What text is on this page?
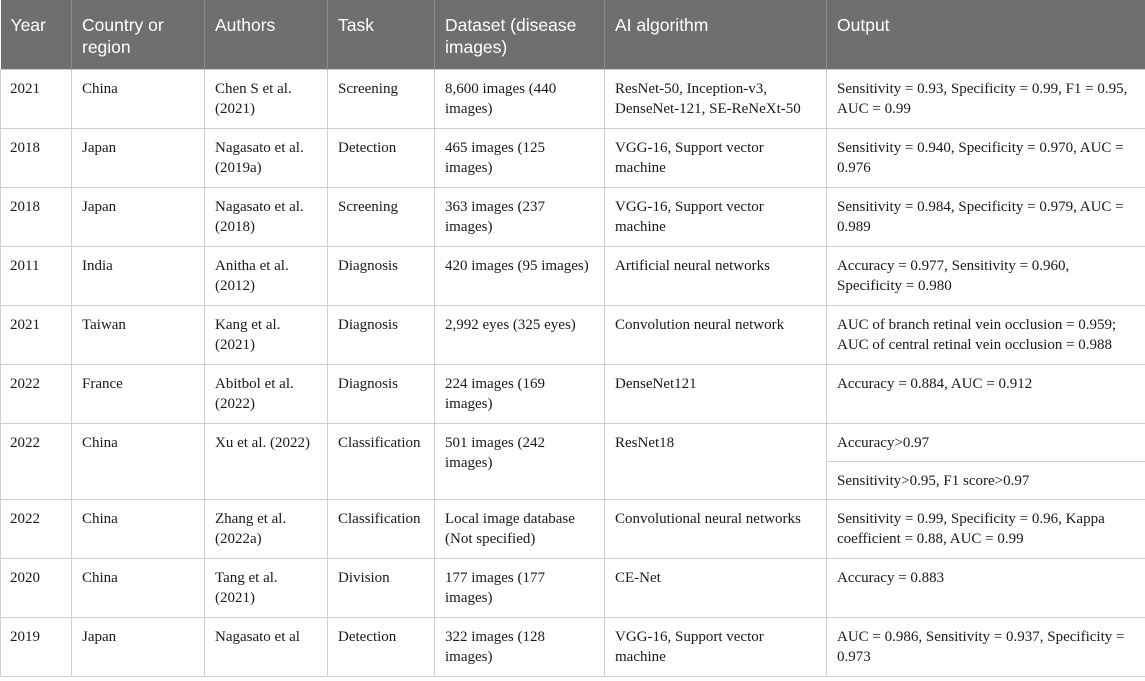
Year	Country or region	Authors	Task	Dataset (disease images)	AI algorithm	Output
2021	China	Chen S et al. (2021)	Screening	8,600 images (440 images)	ResNet-50, Inception-v3, DenseNet-121, SE-ReNeXt-50	Sensitivity = 0.93, Specificity = 0.99, F1 = 0.95, AUC = 0.99
2018	Japan	Nagasato et al. (2019a)	Detection	465 images (125 images)	VGG-16, Support vector machine	Sensitivity = 0.940, Specificity = 0.970, AUC = 0.976
2018	Japan	Nagasato et al. (2018)	Screening	363 images (237 images)	VGG-16, Support vector machine	Sensitivity = 0.984, Specificity = 0.979, AUC = 0.989
2011	India	Anitha et al. (2012)	Diagnosis	420 images (95 images)	Artificial neural networks	Accuracy = 0.977, Sensitivity = 0.960, Specificity = 0.980
2021	Taiwan	Kang et al. (2021)	Diagnosis	2,992 eyes (325 eyes)	Convolution neural network	AUC of branch retinal vein occlusion = 0.959; AUC of central retinal vein occlusion = 0.988
2022	France	Abitbol et al. (2022)	Diagnosis	224 images (169 images)	DenseNet121	Accuracy = 0.884, AUC = 0.912
2022	China	Xu et al. (2022)	Classification	501 images (242 images)	ResNet18	Accuracy>0.97
						Sensitivity>0.95, F1 score>0.97
2022	China	Zhang et al. (2022a)	Classification	Local image database (Not specified)	Convolutional neural networks	Sensitivity = 0.99, Specificity = 0.96, Kappa coefficient = 0.88, AUC = 0.99
2020	China	Tang et al. (2021)	Division	177 images (177 images)	CE-Net	Accuracy = 0.883
2019	Japan	Nagasato et al	Detection	322 images (128 images)	VGG-16, Support vector machine	AUC = 0.986, Sensitivity = 0.937, Specificity = 0.973
